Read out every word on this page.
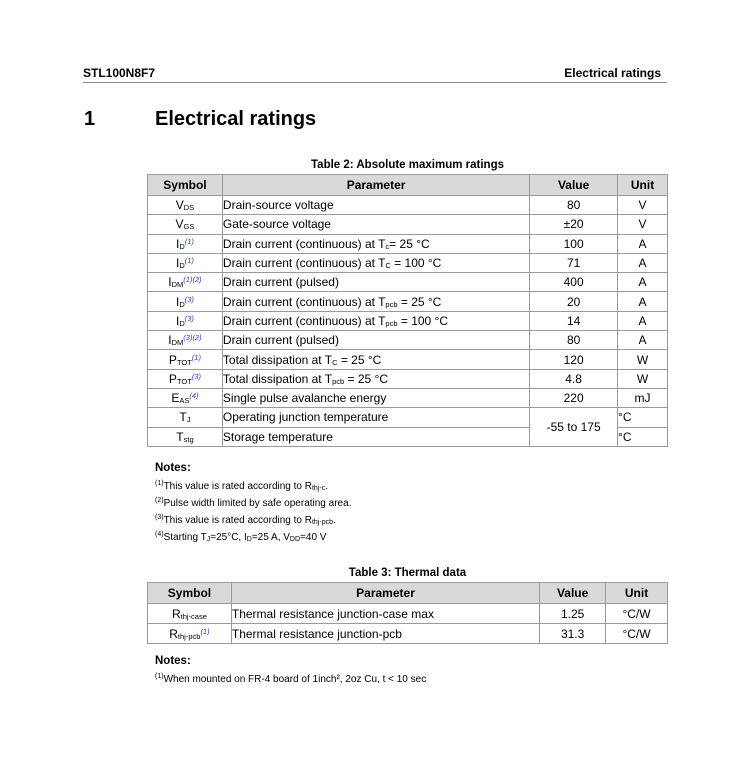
STL100N8F7	Electrical ratings
1	Electrical ratings
Table 2: Absolute maximum ratings
Symbol	Parameter	Value	Unit
VDS	Drain-source voltage	80	V
VGS	Gate-source voltage	±20	V
ID$^{(1)}$	Drain current (continuous) at Tc= 25 °C	100	A
ID$^{(1)}$	Drain current (continuous) at TC = 100 °C	71	A
IDM$^{(1)(2)}$	Drain current (pulsed)	400	A
ID$^{(3)}$	Drain current (continuous) at Tpcb = 25 °C	20	A
ID$^{(3)}$	Drain current (continuous) at Tpcb = 100 °C	14	A
IDM$^{(3)(2)}$	Drain current (pulsed)	80	A
PTOT$^{(1)}$	Total dissipation at TC = 25 °C	120	W
PTOT$^{(3)}$	Total dissipation at Tpcb = 25 °C	4.8	W
EAS$^{(4)}$	Single pulse avalanche energy	220	mJ
TJ	Operating junction temperature	-55 to 175	°C
Tstg	Storage temperature		°C
Notes:
$^{(1)}$This value is rated according to Rthj-c.
$^{(2)}$Pulse width limited by safe operating area.
$^{(3)}$This value is rated according to Rthj-pcb.
$^{(4)}$Starting TJ=25°C, ID=25 A, VDD=40 V
Table 3: Thermal data
Symbol	Parameter	Value	Unit
Rthj-case	Thermal resistance junction-case max	1.25	°C/W
Rthj-pcb$^{(1)}$	Thermal resistance junction-pcb	31.3	°C/W
Notes:
$^{(1)}$When mounted on FR-4 board of 1inch², 2oz Cu, t < 10 sec
